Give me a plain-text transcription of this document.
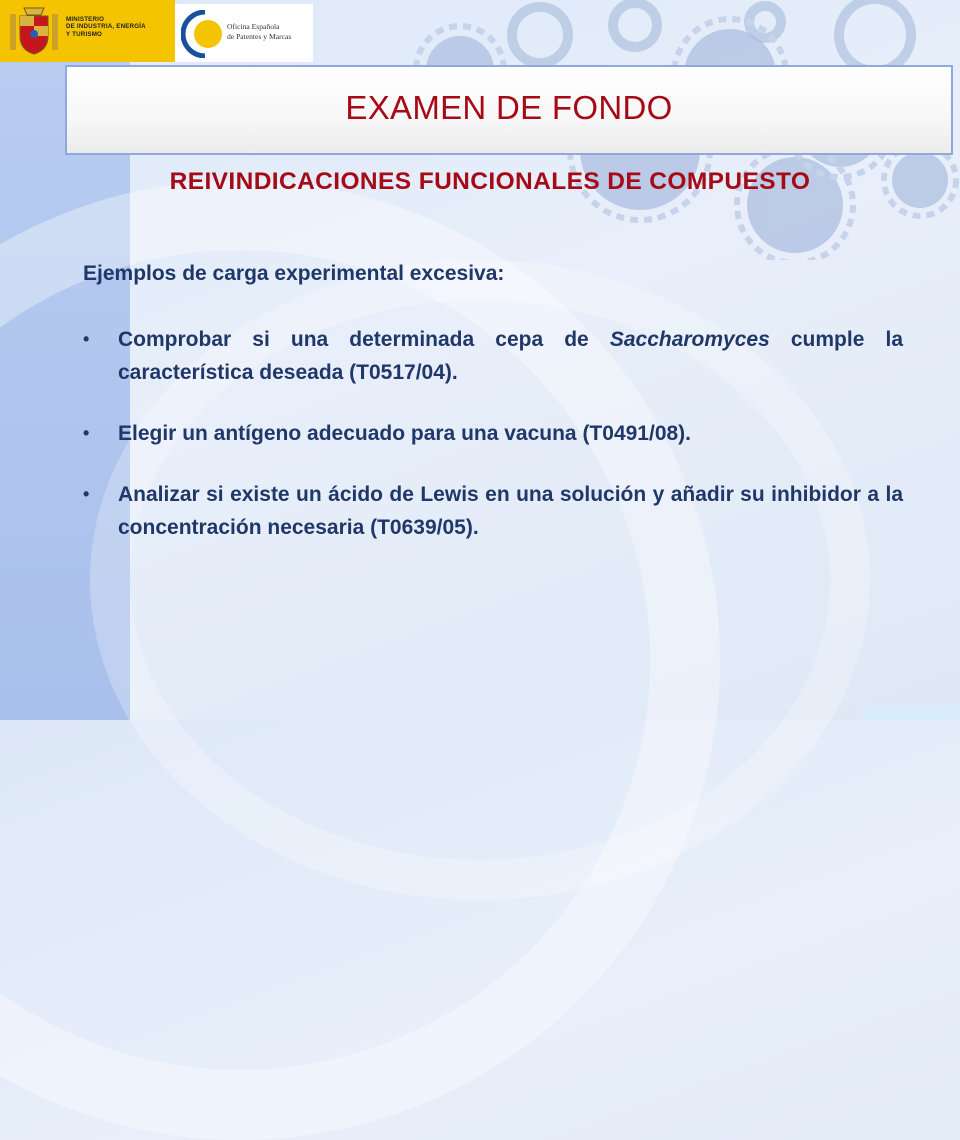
MINISTERIO
DE INDUSTRIA, ENERGÍA
Y TURISMO
Oficina Española
de Patentes y Marcas
EXAMEN DE FONDO
REIVINDICACIONES FUNCIONALES DE COMPUESTO
Ejemplos de carga experimental excesiva:
•	Comprobar si una determinada cepa de Saccharomyces cumple la característica deseada (T0517/04).
•	Elegir un antígeno adecuado para una vacuna (T0491/08).
•	Analizar si existe un ácido de Lewis en una solución y añadir su inhibidor a la concentración necesaria (T0639/05).
